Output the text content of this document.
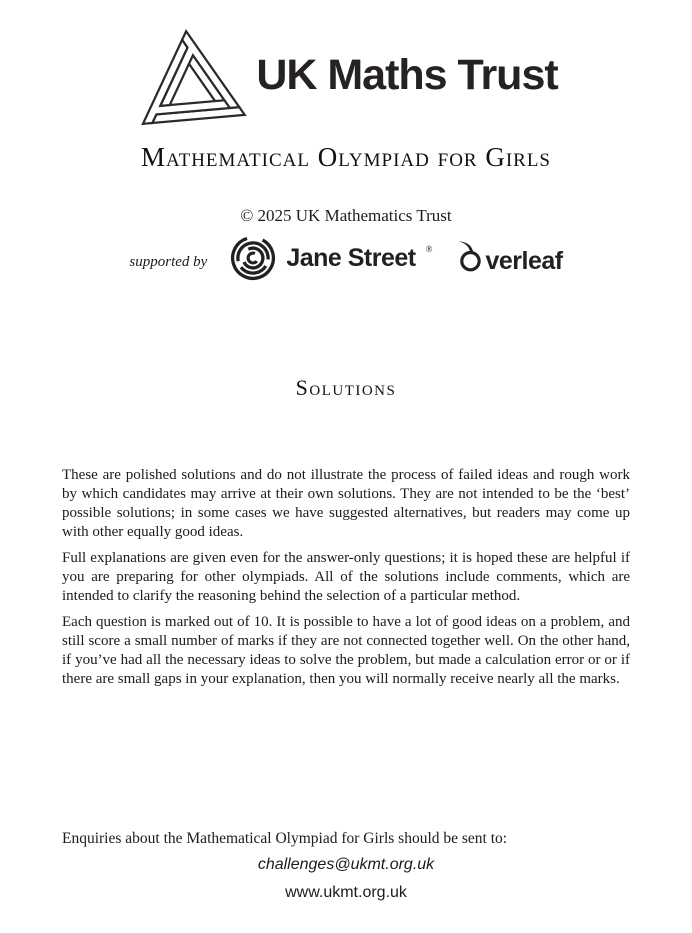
UK Maths Trust
Mathematical Olympiad for Girls
© 2025 UK Mathematics Trust
supported by	Jane Street ® verleaf
Solutions

These are polished solutions and do not illustrate the process of failed ideas and rough work by which candidates may arrive at their own solutions. They are not intended to be the ‘best’ possible solutions; in some cases we have suggested alternatives, but readers may come up with other equally good ideas.

Full explanations are given even for the answer-only questions; it is hoped these are helpful if you are preparing for other olympiads. All of the solutions include comments, which are intended to clarify the reasoning behind the selection of a particular method.

Each question is marked out of 10. It is possible to have a lot of good ideas on a problem, and still score a small number of marks if they are not connected together well. On the other hand, if you’ve had all the necessary ideas to solve the problem, but made a calculation error or or if there are small gaps in your explanation, then you will normally receive nearly all the marks.

Enquiries about the Mathematical Olympiad for Girls should be sent to:
challenges@ukmt.org.uk
www.ukmt.org.uk
